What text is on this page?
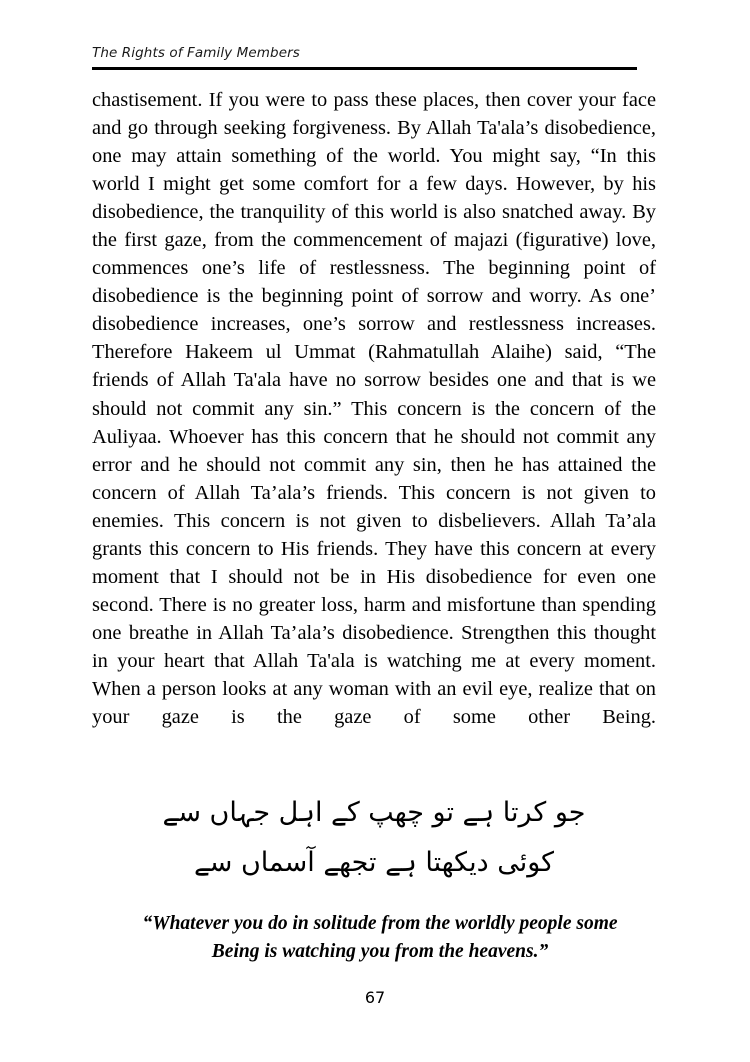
The Rights of Family Members

chastisement. If you were to pass these places, then cover your face and go through seeking forgiveness. By Allah Ta'ala’s disobedience, one may attain something of the world. You might say, “In this world I might get some comfort for a few days. However, by his disobedience, the tranquility of this world is also snatched away. By the first gaze, from the commencement of majazi (figurative) love, commences one’s life of restlessness. The beginning point of disobedience is the beginning point of sorrow and worry. As one’ disobedience increases, one’s sorrow and restlessness increases. Therefore Hakeem ul Ummat (Rahmatullah Alaihe) said, “The friends of Allah Ta'ala have no sorrow besides one and that is we should not commit any sin.” This concern is the concern of the Auliyaa. Whoever has this concern that he should not commit any error and he should not commit any sin, then he has attained the concern of Allah Ta’ala’s friends. This concern is not given to enemies. This concern is not given to disbelievers. Allah Ta’ala grants this concern to His friends. They have this concern at every moment that I should not be in His disobedience for even one second. There is no greater loss, harm and misfortune than spending one breathe in Allah Ta’ala’s disobedience. Strengthen this thought in your heart that Allah Ta'ala is watching me at every moment. When a person looks at any woman with an evil eye, realize that on your gaze is the gaze of some other Being.

جو کرتا ہے تو چھپ کے اہل جہاں سے
کوئی دیکھتا ہے تجھے آسماں سے

“Whatever you do in solitude from the worldly people some

Being is watching you from the heavens.”

67
